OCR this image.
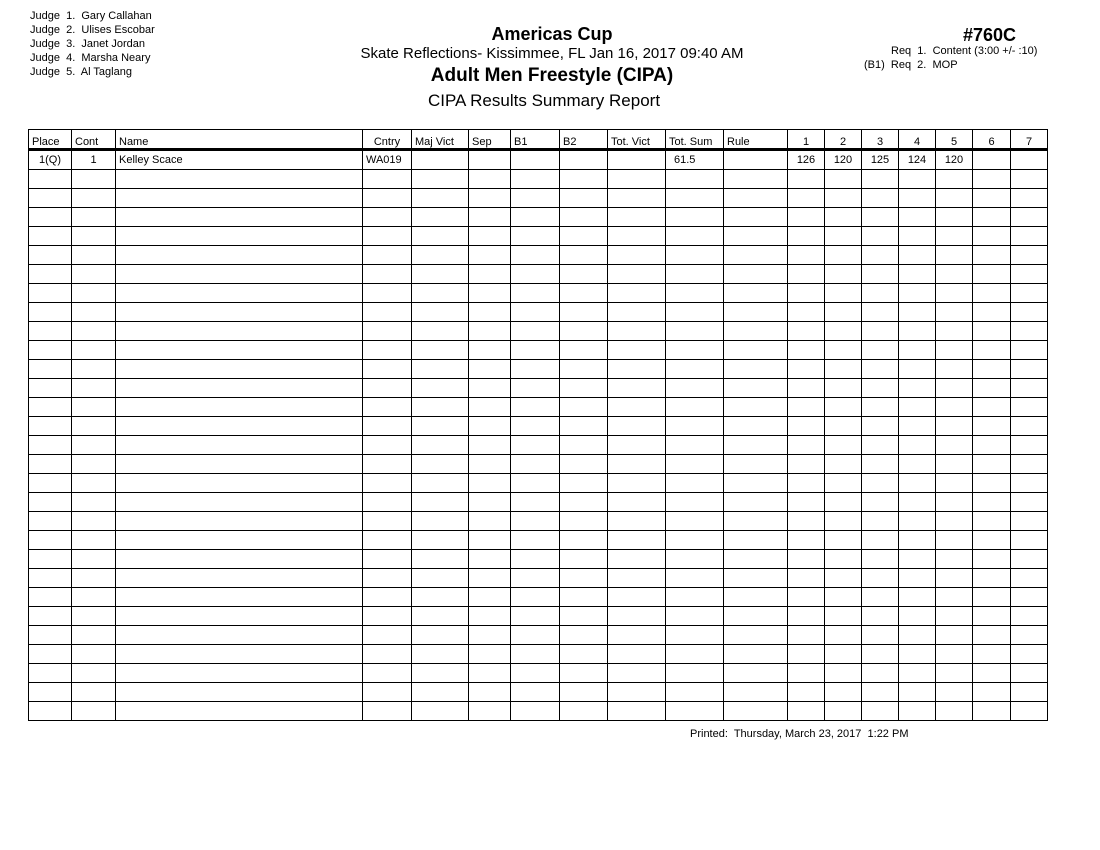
Judge  1.  Gary Callahan
Judge  2.  Ulises Escobar
Judge  3.  Janet Jordan
Judge  4.  Marsha Neary
Judge  5.  Al Taglang
Americas Cup
Skate Reflections- Kissimmee, FL Jan 16, 2017 09:40 AM
Adult Men Freestyle (CIPA)
CIPA Results Summary Report
#760C
Req  1.  Content (3:00 +/- :10)
(B1)  Req  2.  MOP
Place	Cont	Name	Cntry	Maj Vict	Sep	B1	B2	Tot. Vict	Tot. Sum	Rule	1	2	3	4	5	6	7
1(Q)	1	Kelley Scace	WA019						61.5		126	120	125	124	120		

Printed:  Thursday, March 23, 2017  1:22 PM
